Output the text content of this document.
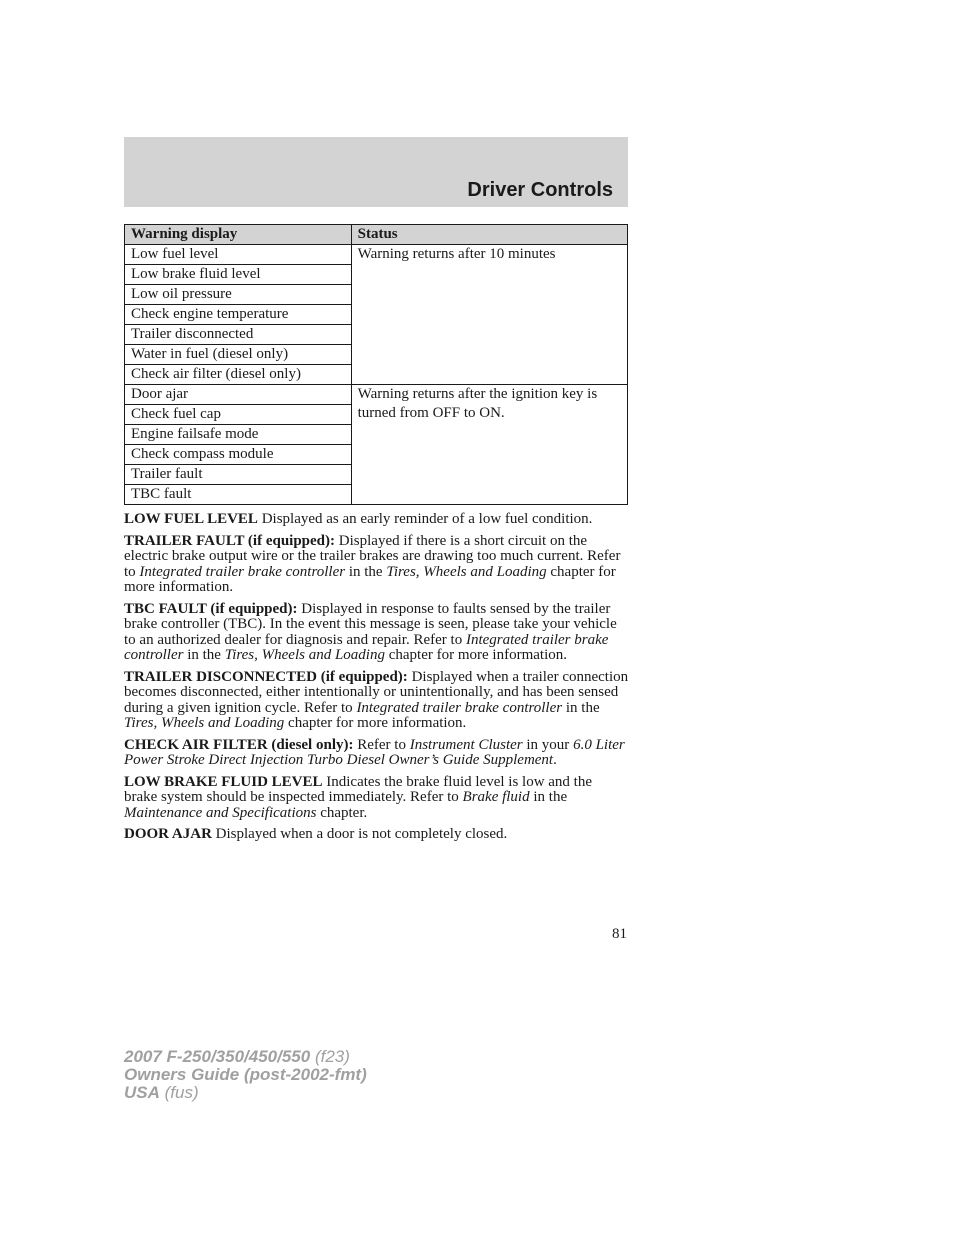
Driver Controls
Warning display	Status
Low fuel level	Warning returns after 10 minutes
Low brake fluid level	
Low oil pressure	
Check engine temperature	
Trailer disconnected	
Water in fuel (diesel only)	
Check air filter (diesel only)	
Door ajar	Warning returns after the ignition key is turned from OFF to ON.
Check fuel cap	
Engine failsafe mode	
Check compass module	
Trailer fault	
TBC fault	

LOW FUEL LEVEL Displayed as an early reminder of a low fuel condition.

TRAILER FAULT (if equipped): Displayed if there is a short circuit on the electric brake output wire or the trailer brakes are drawing too much current. Refer to Integrated trailer brake controller in the Tires, Wheels and Loading chapter for more information.

TBC FAULT (if equipped): Displayed in response to faults sensed by the trailer brake controller (TBC). In the event this message is seen, please take your vehicle to an authorized dealer for diagnosis and repair. Refer to Integrated trailer brake controller in the Tires, Wheels and Loading chapter for more information.

TRAILER DISCONNECTED (if equipped): Displayed when a trailer connection becomes disconnected, either intentionally or unintentionally, and has been sensed during a given ignition cycle. Refer to Integrated trailer brake controller in the Tires, Wheels and Loading chapter for more information.

CHECK AIR FILTER (diesel only): Refer to Instrument Cluster in your 6.0 Liter Power Stroke Direct Injection Turbo Diesel Owner’s Guide Supplement.

LOW BRAKE FLUID LEVEL Indicates the brake fluid level is low and the brake system should be inspected immediately. Refer to Brake fluid in the Maintenance and Specifications chapter.

DOOR AJAR Displayed when a door is not completely closed.

81
2007 F-250/350/450/550 (f23)
Owners Guide (post-2002-fmt)
USA (fus)
